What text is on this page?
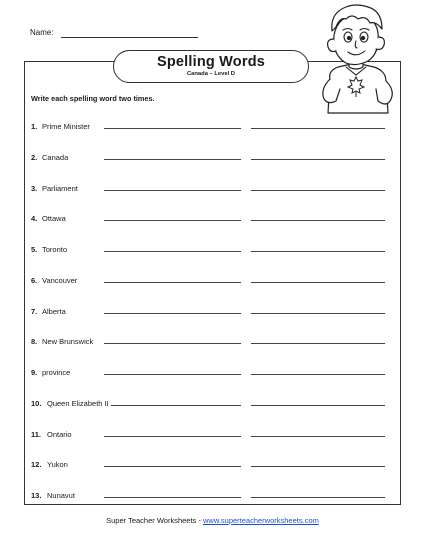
Name:
Spelling Words
Canada – Level D
Write each spelling word two times.
1. Prime Minister
2. Canada
3. Parliament
4. Ottawa
5. Toronto
6. Vancouver
7. Alberta
8. New Brunswick
9. province
10. Queen Elizabeth II
11. Ontario
12. Yukon
13. Nunavut
Super Teacher Worksheets - www.superteacherworksheets.com
